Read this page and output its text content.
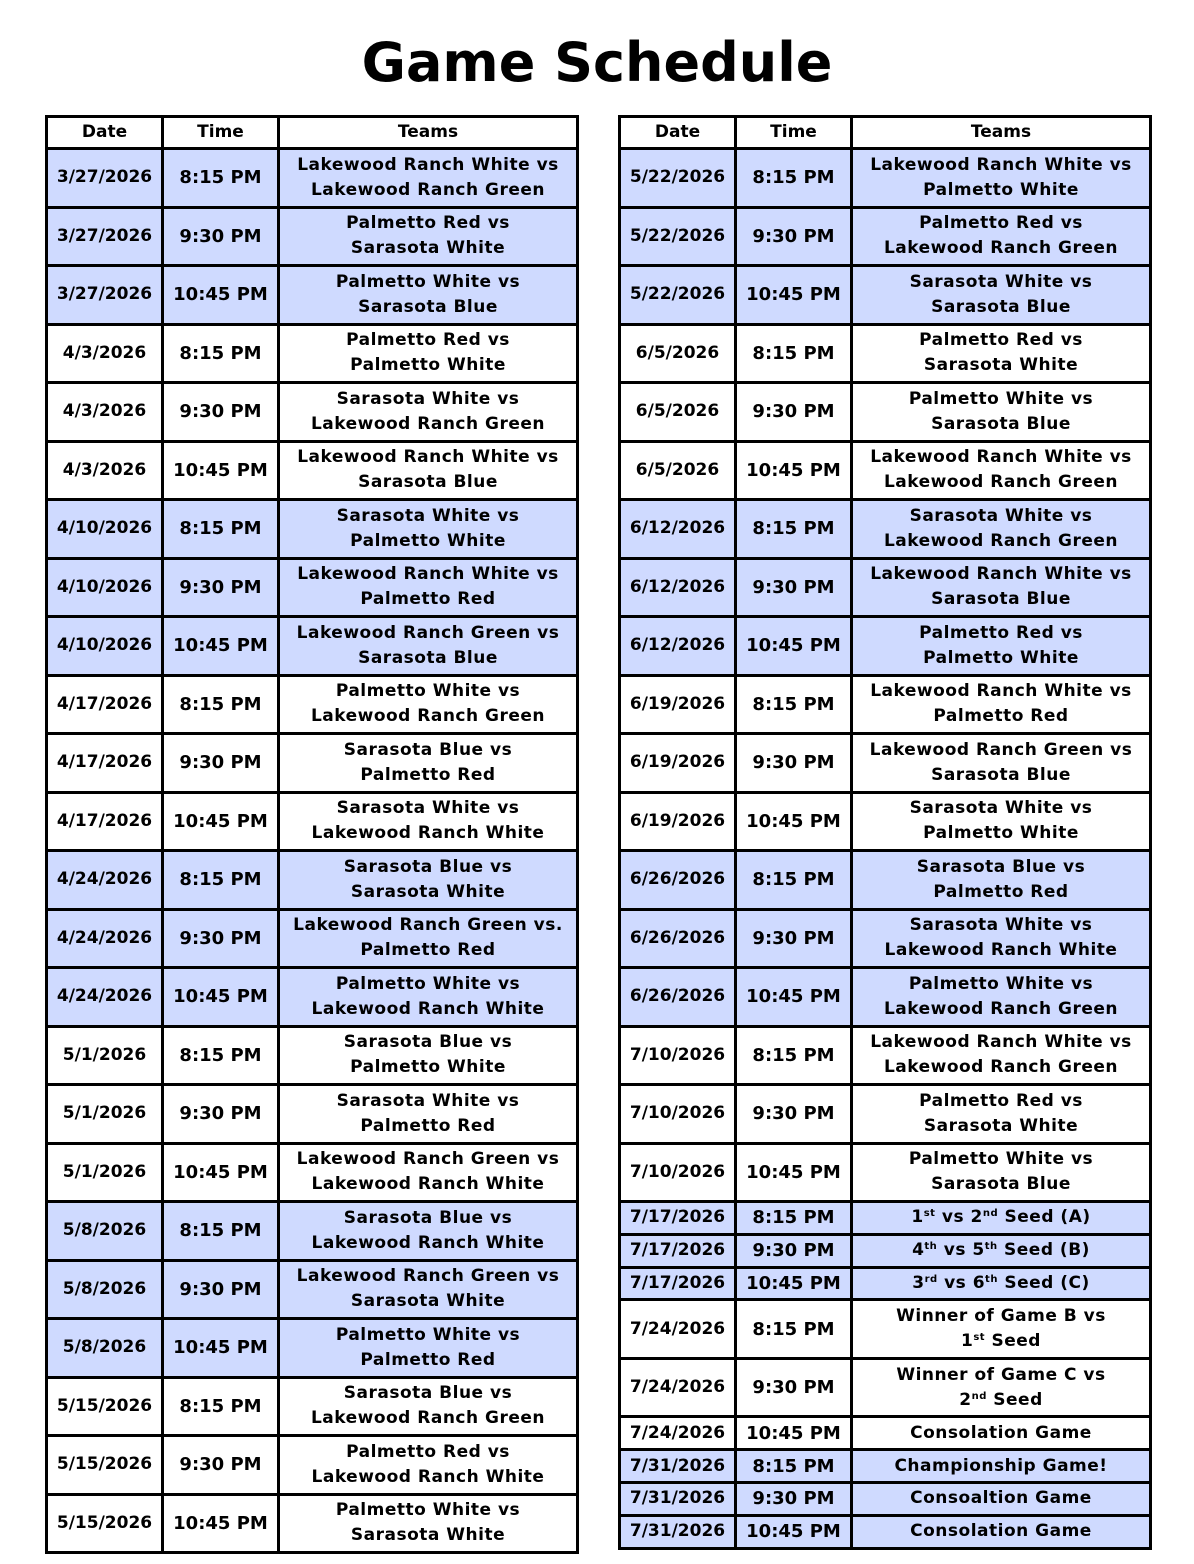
Game Schedule
Date	Time	Teams
3/27/2026	8:15 PM	Lakewood Ranch White vs
Lakewood Ranch Green
3/27/2026	9:30 PM	Palmetto Red vs
Sarasota White
3/27/2026	10:45 PM	Palmetto White vs
Sarasota Blue
4/3/2026	8:15 PM	Palmetto Red vs
Palmetto White
4/3/2026	9:30 PM	Sarasota White vs
Lakewood Ranch Green
4/3/2026	10:45 PM	Lakewood Ranch White vs
Sarasota Blue
4/10/2026	8:15 PM	Sarasota White vs
Palmetto White
4/10/2026	9:30 PM	Lakewood Ranch White vs
Palmetto Red
4/10/2026	10:45 PM	Lakewood Ranch Green vs
Sarasota Blue
4/17/2026	8:15 PM	Palmetto White vs
Lakewood Ranch Green
4/17/2026	9:30 PM	Sarasota Blue vs
Palmetto Red
4/17/2026	10:45 PM	Sarasota White vs
Lakewood Ranch White
4/24/2026	8:15 PM	Sarasota Blue vs
Sarasota White
4/24/2026	9:30 PM	Lakewood Ranch Green vs.
Palmetto Red
4/24/2026	10:45 PM	Palmetto White vs
Lakewood Ranch White
5/1/2026	8:15 PM	Sarasota Blue vs
Palmetto White
5/1/2026	9:30 PM	Sarasota White vs
Palmetto Red
5/1/2026	10:45 PM	Lakewood Ranch Green vs
Lakewood Ranch White
5/8/2026	8:15 PM	Sarasota Blue vs
Lakewood Ranch White
5/8/2026	9:30 PM	Lakewood Ranch Green vs
Sarasota White
5/8/2026	10:45 PM	Palmetto White vs
Palmetto Red
5/15/2026	8:15 PM	Sarasota Blue vs
Lakewood Ranch Green
5/15/2026	9:30 PM	Palmetto Red vs
Lakewood Ranch White
5/15/2026	10:45 PM	Palmetto White vs
Sarasota White
Date	Time	Teams
5/22/2026	8:15 PM	Lakewood Ranch White vs
Palmetto White
5/22/2026	9:30 PM	Palmetto Red vs
Lakewood Ranch Green
5/22/2026	10:45 PM	Sarasota White vs
Sarasota Blue
6/5/2026	8:15 PM	Palmetto Red vs
Sarasota White
6/5/2026	9:30 PM	Palmetto White vs
Sarasota Blue
6/5/2026	10:45 PM	Lakewood Ranch White vs
Lakewood Ranch Green
6/12/2026	8:15 PM	Sarasota White vs
Lakewood Ranch Green
6/12/2026	9:30 PM	Lakewood Ranch White vs
Sarasota Blue
6/12/2026	10:45 PM	Palmetto Red vs
Palmetto White
6/19/2026	8:15 PM	Lakewood Ranch White vs
Palmetto Red
6/19/2026	9:30 PM	Lakewood Ranch Green vs
Sarasota Blue
6/19/2026	10:45 PM	Sarasota White vs
Palmetto White
6/26/2026	8:15 PM	Sarasota Blue vs
Palmetto Red
6/26/2026	9:30 PM	Sarasota White vs
Lakewood Ranch White
6/26/2026	10:45 PM	Palmetto White vs
Lakewood Ranch Green
7/10/2026	8:15 PM	Lakewood Ranch White vs
Lakewood Ranch Green
7/10/2026	9:30 PM	Palmetto Red vs
Sarasota White
7/10/2026	10:45 PM	Palmetto White vs
Sarasota Blue
7/17/2026	8:15 PM	1st vs 2nd Seed (A)
7/17/2026	9:30 PM	4th vs 5th Seed (B)
7/17/2026	10:45 PM	3rd vs 6th Seed (C)
7/24/2026	8:15 PM	Winner of Game B vs
1st Seed
7/24/2026	9:30 PM	Winner of Game C vs
2nd Seed
7/24/2026	10:45 PM	Consolation Game
7/31/2026	8:15 PM	Championship Game!
7/31/2026	9:30 PM	Consoaltion Game
7/31/2026	10:45 PM	Consolation Game
